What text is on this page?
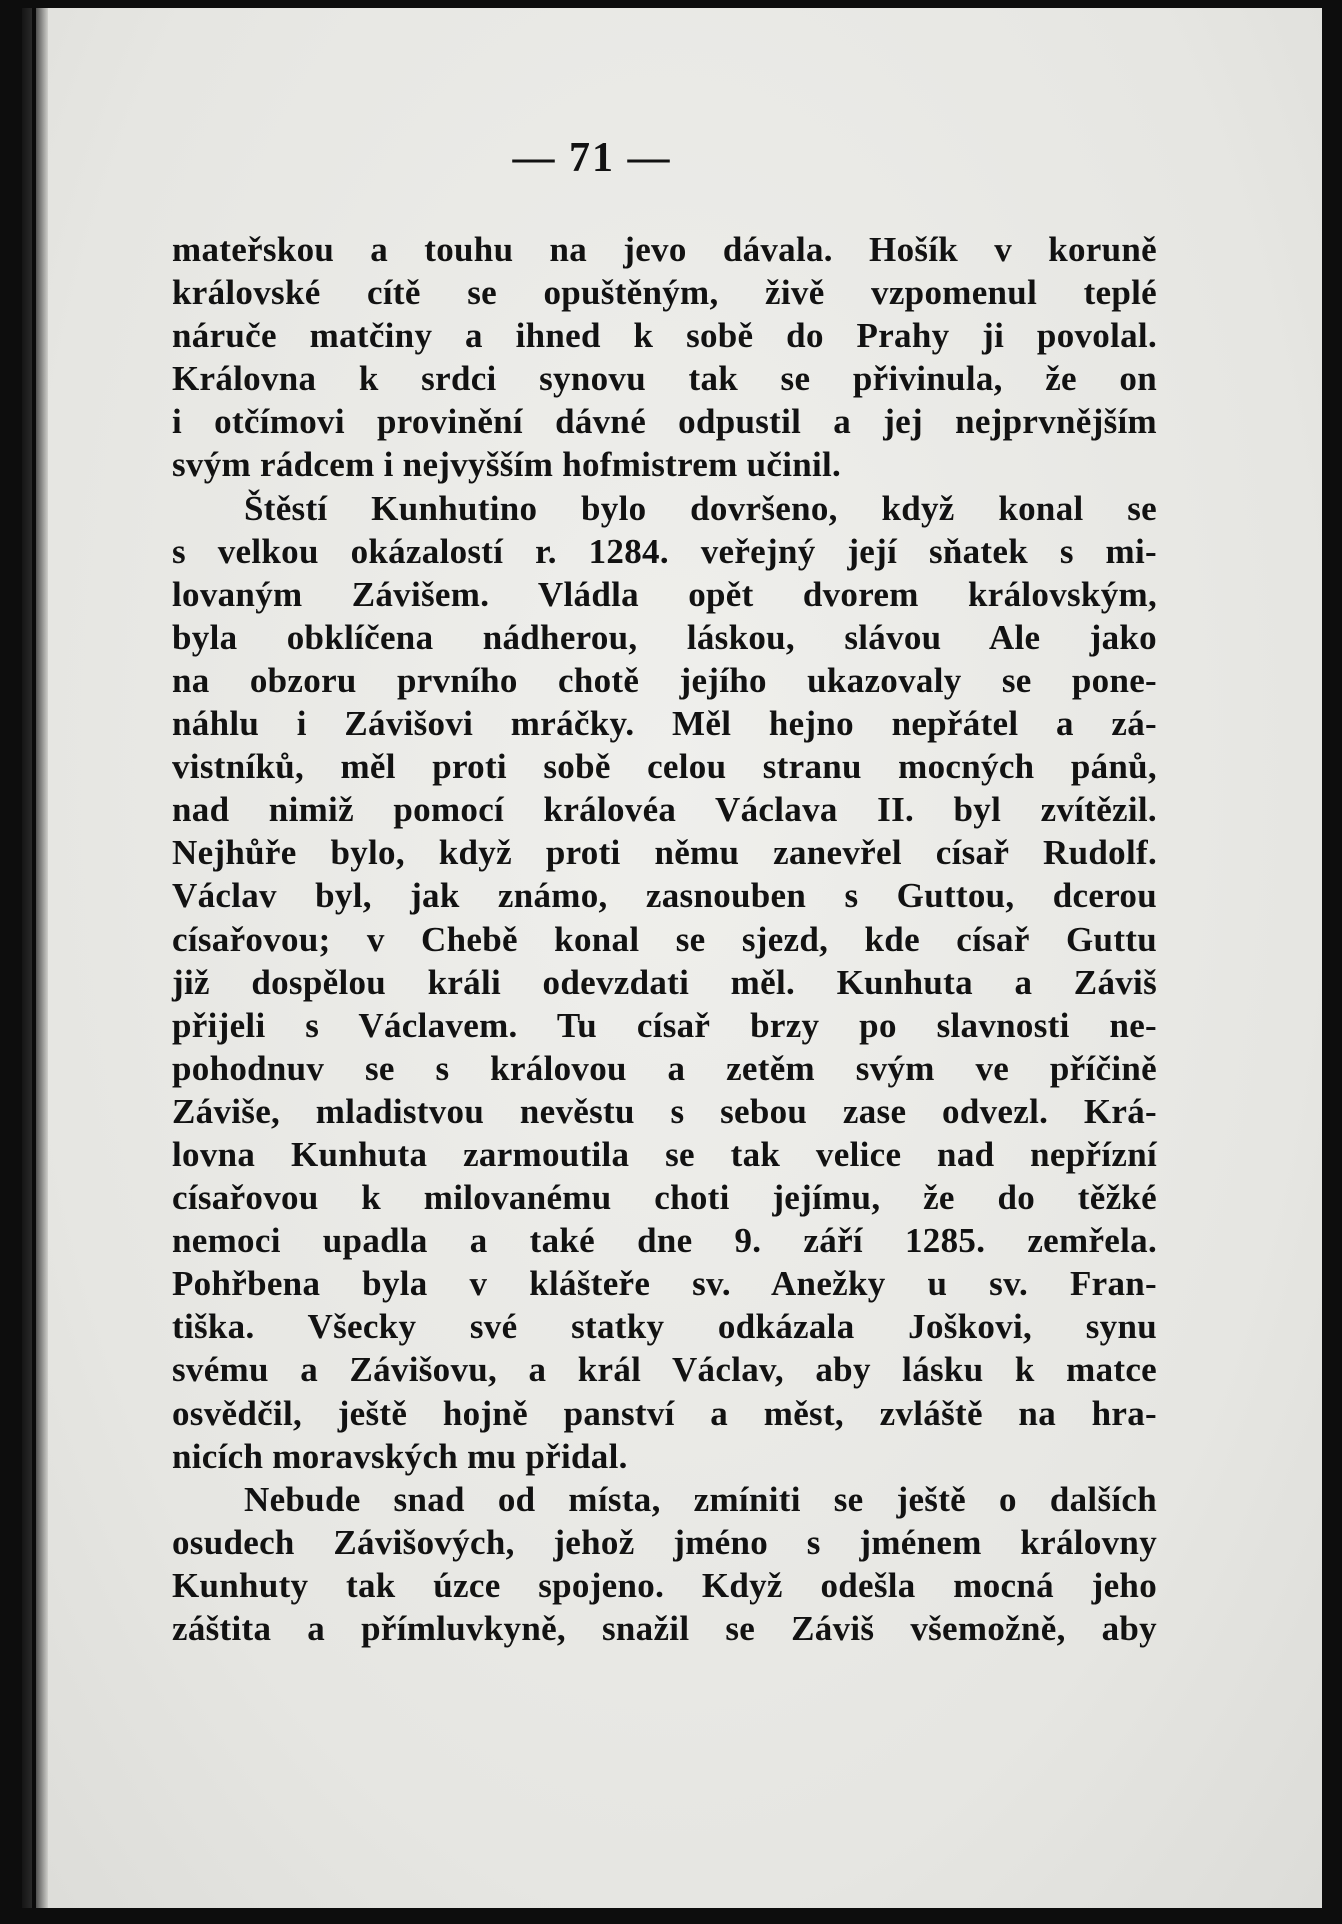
— 71 —
mateřskou a touhu na jevo dávala. Hošík v koruně
královské cítě se opuštěným, živě vzpomenul teplé
náruče matčiny a ihned k sobě do Prahy ji povolal.
Královna k srdci synovu tak se přivinula, že on
i otčímovi provinění dávné odpustil a jej nejprvnějším
svým rádcem i nejvyšším hofmistrem učinil.
Štěstí Kunhutino bylo dovršeno, když konal se
s velkou okázalostí r. 1284. veřejný její sňatek s mi-
lovaným Závišem. Vládla opět dvorem královským,
byla obklíčena nádherou, láskou, slávou Ale jako
na obzoru prvního chotě jejího ukazovaly se pone-
náhlu i Závišovi mráčky. Měl hejno nepřátel a zá-
vistníků, měl proti sobě celou stranu mocných pánů,
nad nimiž pomocí královéa Václava II. byl zvítězil.
Nejhůře bylo, když proti němu zanevřel císař Rudolf.
Václav byl, jak známo, zasnouben s Guttou, dcerou
císařovou; v Chebě konal se sjezd, kde císař Guttu
již dospělou králi odevzdati měl. Kunhuta a Záviš
přijeli s Václavem. Tu císař brzy po slavnosti ne-
pohodnuv se s královou a zetěm svým ve příčině
Záviše, mladistvou nevěstu s sebou zase odvezl. Krá-
lovna Kunhuta zarmoutila se tak velice nad nepřízní
císařovou k milovanému choti jejímu, že do těžké
nemoci upadla a také dne 9. září 1285. zemřela.
Pohřbena byla v klášteře sv. Anežky u sv. Fran-
tiška. Všecky své statky odkázala Joškovi, synu
svému a Závišovu, a král Václav, aby lásku k matce
osvědčil, ještě hojně panství a měst, zvláště na hra-
nicích moravských mu přidal.
Nebude snad od místa, zmíniti se ještě o dalších
osudech Závišových, jehož jméno s jménem královny
Kunhuty tak úzce spojeno. Když odešla mocná jeho
záštita a přímluvkyně, snažil se Záviš všemožně, aby
